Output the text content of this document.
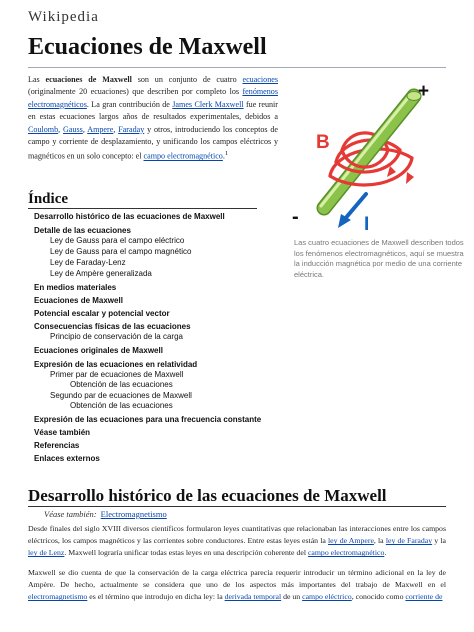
Wikipedia
Ecuaciones de Maxwell

Las ecuaciones de Maxwell son un conjunto de cuatro ecuaciones (originalmente 20 ecuaciones) que describen por completo los fenómenos electromagnéticos. La gran contribución de James Clerk Maxwell fue reunir en estas ecuaciones largos años de resultados experimentales, debidos a Coulomb, Gauss, Ampere, Faraday y otros, introduciendo los conceptos de campo y corriente de desplazamiento, y unificando los campos eléctricos y magnéticos en un solo concepto: el campo electromagnético.$^1$

+
-
B
I

Las cuatro ecuaciones de Maxwell describen todos los fenómenos electromagnéticos, aquí se muestra la inducción magnética por medio de una corriente eléctrica.

Índice
Desarrollo histórico de las ecuaciones de Maxwell
Detalle de las ecuaciones
Ley de Gauss para el campo eléctrico
Ley de Gauss para el campo magnético
Ley de Faraday-Lenz
Ley de Ampère generalizada
En medios materiales
Ecuaciones de Maxwell
Potencial escalar y potencial vector
Consecuencias físicas de las ecuaciones
Principio de conservación de la carga
Ecuaciones originales de Maxwell
Expresión de las ecuaciones en relatividad
Primer par de ecuaciones de Maxwell
Obtención de las ecuaciones
Segundo par de ecuaciones de Maxwell
Obtención de las ecuaciones
Expresión de las ecuaciones para una frecuencia constante
Véase también
Referencias
Enlaces externos
Desarrollo histórico de las ecuaciones de Maxwell
Véase también: Electromagnetismo

Desde finales del siglo XVIII diversos científicos formularon leyes cuantitativas que relacionaban las interacciones entre los campos eléctricos, los campos magnéticos y las corrientes sobre conductores. Entre estas leyes están la ley de Ampere, la ley de Faraday y la ley de Lenz. Maxwell lograría unificar todas estas leyes en una descripción coherente del campo electromagnético.

Maxwell se dio cuenta de que la conservación de la carga eléctrica parecía requerir introducir un término adicional en la ley de Ampère. De hecho, actualmente se considera que uno de los aspectos más importantes del trabajo de Maxwell en el electromagnetismo es el término que introdujo en dicha ley: la derivada temporal de un campo eléctrico, conocido como corriente de
